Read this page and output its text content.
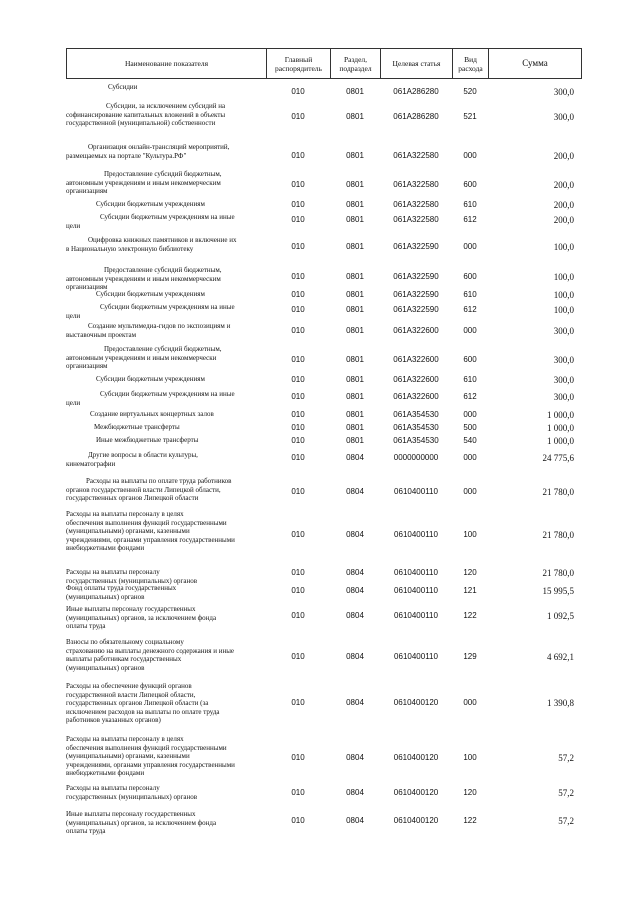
Наименование показателя	Главный
распорядитель
Раздел,
подраздел	Целевая статья	Вид
расхода	Сумма
Субсидии	010	0801	061A286280	520	300,0
Субсидии, за исключением субсидий на
софинансирование капитальных вложений в объекты
государственной (муниципальной) собственности
010	0801	061A286280	521	300,0
Организация онлайн-трансляций мероприятий,
размещаемых на портале "Культура.РФ"	010	0801	061A322580	000	200,0
Предоставление субсидий бюджетным,
автономным учреждениям и иным некоммерческим
организациям
010	0801	061A322580	600	200,0
Субсидии бюджетным учреждениям	010	0801	061A322580	610	200,0
Субсидии бюджетным учреждениям на иные
цели
010	0801	061A322580	612	200,0
Оцифровка книжных памятников и включение их
в Национальную электронную библиотеку	010	0801	061A322590	000	100,0
Предоставление субсидий бюджетным,
автономным учреждениям и иным некоммерческим
организациям
010	0801	061A322590	600	100,0
Субсидии бюджетным учреждениям	010	0801	061A322590	610	100,0
Субсидии бюджетным учреждениям на иные
цели
010	0801	061A322590	612	100,0
Создание мультимедиа-гидов по экспозициям и
выставочным проектам	010	0801	061A322600	000	300,0
Предоставление субсидий бюджетным,
автономным учреждениям и иным некоммерчески
организациям
010	0801	061A322600	600	300,0
Субсидии бюджетным учреждениям	010	0801	061A322600	610	300,0
Субсидии бюджетным учреждениям на иные
цели
010	0801	061A322600	612	300,0
Создание виртуальных концертных залов	010	0801	061A354530	000	1 000,0
Межбюджетные трансферты	010	0801	061A354530	500	1 000,0
Иные межбюджетные трансферты	010	0801	061A354530	540	1 000,0
Другие вопросы в области культуры,
кинематографии
010	0804	0000000000	000	24 775,6
Расходы на выплаты по оплате труда работников
органов государственной власти Липецкой области,
государственных органов Липецкой области
010	0804	0610400110	000	21 780,0
Расходы на выплаты персоналу в целях
обеспечения выполнения функций государственными
(муниципальными) органами, казенными
учреждениями, органами управления государственными
внебюджетными фондами
010	0804	0610400110	100	21 780,0
Расходы на выплаты персоналу
государственных (муниципальных) органов
010	0804	0610400110	120	21 780,0
Фонд оплаты труда государственных
(муниципальных) органов
010	0804	0610400110	121	15 995,5
Иные выплаты персоналу государственных
(муниципальных) органов, за исключением фонда
оплаты труда
010	0804	0610400110	122	1 092,5
Взносы по обязательному социальному
страхованию на выплаты денежного содержания и иные
выплаты работникам государственных
(муниципальных) органов
010	0804	0610400110	129	4 692,1
Расходы на обеспечение функций органов
государственной власти Липецкой области,
государственных органов Липецкой области (за
исключением расходов на выплаты по оплате труда
работников указанных органов)
010	0804	0610400120	000	1 390,8
Расходы на выплаты персоналу в целях
обеспечения выполнения функций государственными
(муниципальными) органами, казенными
учреждениями, органами управления государственными
внебюджетными фондами
010	0804	0610400120	100	57,2
Расходы на выплаты персоналу
государственных (муниципальных) органов	010	0804	0610400120	120	57,2
Иные выплаты персоналу государственных
(муниципальных) органов, за исключением фонда
оплаты труда
010	0804	0610400120	122	57,2
